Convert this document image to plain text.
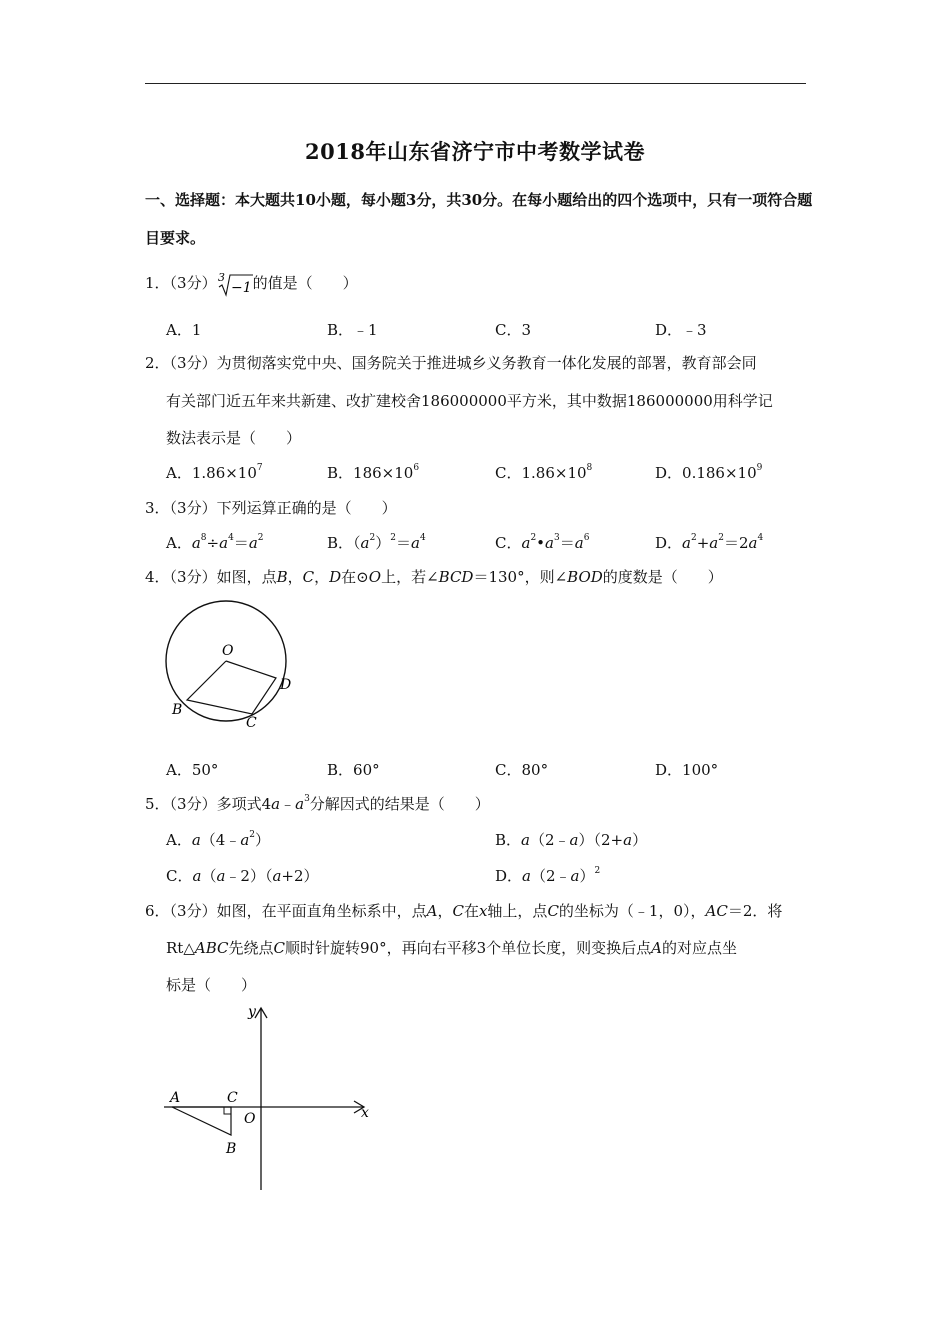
2018年山东省济宁市中考数学试卷
一、选择题：本大题共10小题，每小题3分，共30分。在每小题给出的四个选项中，只有一项符合题目要求。
1．（3分） 3
−1 的值是（　　）
A．1	B．﹣1	C．3	D．﹣3
2．（3分）为贯彻落实党中央、国务院关于推进城乡义务教育一体化发展的部署，教育部会同
有关部门近五年来共新建、改扩建校舍186000000平方米，其中数据186000000用科学记
数法表示是（　　）
A．$1.86\times 10^7$	B．$186\times 10^6$	C．$1.86\times 10^8$	D．$0.186\times 10^9$
3．（3分）下列运算正确的是（　　）
A．$a^8\div a^4=a^2$	B．$(a^2)^2=a^4$	C．$a^2•a^3=a^6$	D．$a^2+a^2=2a^4$
4．（3分）如图，点B，C，D在⊙O上，若∠BCD＝130°，则∠BOD的度数是（　　）
O
D
C
B
A．50°	B．60°	C．80°	D．100°
5．（3分）多项式$4a﹣a^3$分解因式的结果是（　　）
A．$a(4﹣a^2)$	B．a（2﹣a）（2+a）
C．a（a﹣2）（a+2）	D．a（2﹣a）$^2$
6．（3分）如图，在平面直角坐标系中，点A，C在x轴上，点C的坐标为（﹣1，0），AC＝2．将
Rt△ABC先绕点C顺时针旋转90°，再向右平移3个单位长度，则变换后点A的对应点坐
标是（　　）
A	C
O
B
x
y
